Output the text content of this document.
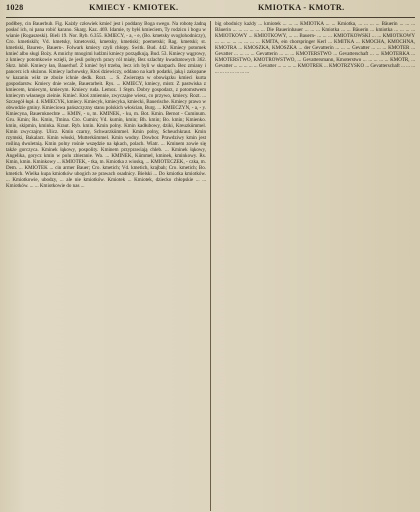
1028	KMIECY - KMIOTEK.	KMIOTKA - KMOTR.

podłbey, cin Bauerbub. Fig. Każdy człowiek kmieć jest i poddany Boga swego. Na robotę żadną posłać ich, ni pana robić karano. Skarg. Kaz. 469. Idamie, ty byłś kmieciem, Ty rodzicu i bogu w wianie (Rogaszeski). Bieli 19. Nor. Ryb. 6.355. KMIECY, - a, - e, (Bo. kmetsky svoglohodniczy), Cro. kmetiskih; Vd. kmetsky, kmetovski, kmetsky, kmetiski; poemetski; Rag. kmetski; st. kmetiski, Bauren-, Bauern-. Folwark kmiecy czyli chłopy. Switk. Bud. 442. Kmiecy potomek kmieć albo sługi Boży. A mnichy mnogimi ludźmi kmiecy porządkują. Bud. 53. Kmiecy wągrowy, z kmiecy potomkowie wzięli, że jesli polnych pracy ról miały, Bez szlachty kwadratowych 362. Skrz. lubił. Kmiecy łan, Bauerhof. Ż kmieć był trzeba, lecz ich byli w skarpach. Bez zmiany i pancerz ich służono. Kmiecy lachowsky, Ktoś dziewiczy, oddano na karb podatki, jaką i zakopane w kazaniu wikt ze zboże ichnie dedk. Rozt. ... S. Zwierzęta w obowiązku kmieci kurta gospodarstw. Kmiecy dnie wcale, Bauerarbeit. Rys. ... KMIECY, kmiecy, mistr. Z pastwiska z kmiecem, kmiecym, kmiecym. Kmiecy ruda. Lemoz. 1 Stęm. Dobry gospodarz, z potomstwem kmiecym własnego zieinie. Kmieć. Ktoś zmiennie, zwyczajne wiesz, co przywo, kmiecy. Rozt. ... Szczegół łupł. 4. KMIECYK, kmiecy. Kmiecyk, kmiecyka, kmiecki, Bauerische. Kmiecy prawo w obwodzie gminy. Kmieciowa pańszczyzny stanu polskich włościan, Burg. ... KMIECZYN, - a, - y. Kmiecyna, Bauernknechte ... KMIN, - u, m. KMINEK, - ku, m. Bot. Kmin. Bernot - Cuminum. Gru. Kmin; Rs. Kmin, Tmina. Cro. Cumin; Vd. kumin, kmin; Bh. kmin; Bo. kmin; Kmienko. kmin, skipmin, kminka. Kraut. Ryb. kmin. Kmin polny. Kmin kadłubowy, dziki, Kreuzkümmel. Kmin zwyczajny. Ulicz. Kmin czarny, Schwarzkümmel. Kmin polny, Scheuchkraut. Kmin rzymski, Bakalarz. Kmin włoski, Mutterkümmel. Kmin wodny. Dowbor. Prawdziwy kmin jest rośliną dwuletnią. Kmin polny rośnie wszędzie na łąkach, polach. Wiatr. ... Kminem zowie się także gorczyca. Kminek łąkowy, pospolity. Kminem przyprawiają chleb. ... Kminek łąkowy, Angelika, gorycz kmin w polu zbieranie. Wa. ... KMINEK, Kümmel, kminek, kminkowy. Rs. Kmin, kmin. Kminkowy ... KMIOTEK, - tka, m. Kmiotka z wioską, ... KMIOTECZEK, - czka, m. Dem. ... KMIOTEK ... cin armer Bauer; Cro. kmetich; Vd. kmetich, krajbah; Cro. kmetich; Bo. kmetich. Wielka kupa kmiotków ubogich ze prawach osadnicy. Bielski ... Do kmiotka kmiotków. ... Kmiotkowie, ubodzy, ... ale nie kmiotków. Kmiotek ... Kmiotek, dziecko chłopskie ... ... Kmiotków. ... ... Kmiotkowie do nas ...

big obodnicy każdy ... kmiotek ... ... ... KMIOTKA ... ... Kmiotka, ... ... ... ... Bäuerin ... ... ... Bäuerin ... ... ... ... ... ... Die Bauerinbauer ... ... ... Kmiotka ... ... Bäuerin ... kmiotka ... ... ... ... KMIOTKOWY ... KMIOTKOWY, ... ... Bauern- ... ... ... KMIOTKOWSKI ... ... KMIOTKOWY ... ... ... ... ... ... ... ... KMITA, ein chorspringer Kerl ... KMITKA ... KMOCHA, KMOCHNA, KMOTRA ... KMOSZKA, KMOSZKA ... der Gevatterin ... ... ... Gevatter ... ... ... KMOTER ... Gevatter ... ... ... ... Gevatterin ... ... ... KMOTERSTWO ... Gevatterschaft ... ... KMOTERKA ... KMOTERSTWO, KMOTROWSTWO, ... Gevattersmann, Kmoterstwo ... ... ... ... ... KMOTR, ... Gevatter ... ... ... ... ... Gevatter ... ... ... ... KMOTREK ... KMOTRZYSKO ... Gevatterschaft ... ... ... ... ... ... ... ... ... ...
